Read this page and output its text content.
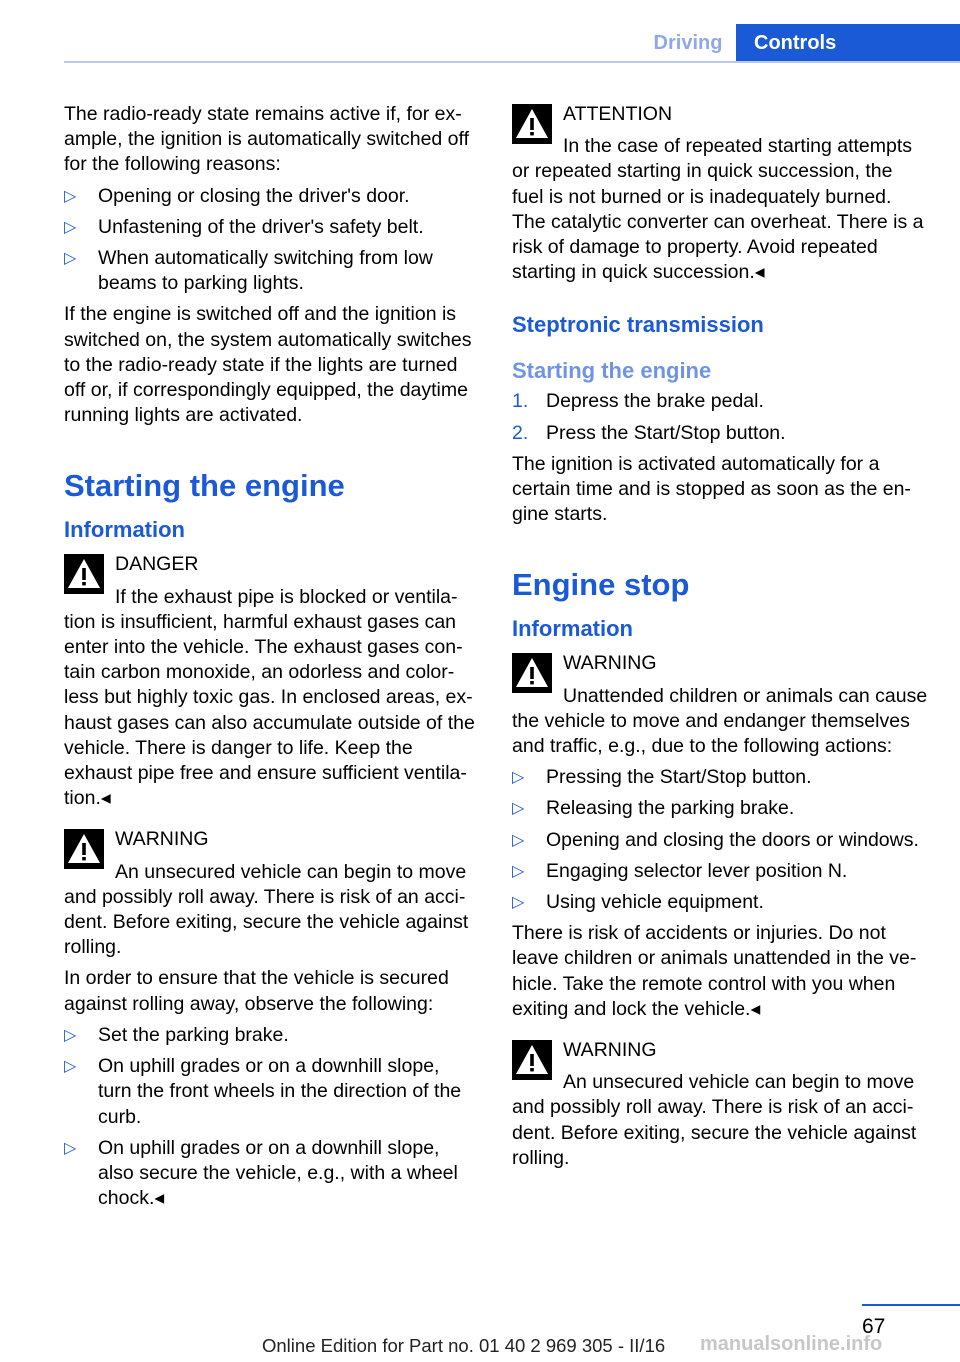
Driving	Controls

The radio-ready state remains active if, for example, the ignition is automatically switched off for the following reasons:

▷	Opening or closing the driver's door.
▷	Unfastening of the driver's safety belt.
▷	When automatically switching from low beams to parking lights.

If the engine is switched off and the ignition is switched on, the system automatically switches to the radio-ready state if the lights are turned off or, if correspondingly equipped, the daytime running lights are activated.

Starting the engine
Information
DANGER
If the exhaust pipe is blocked or ventilation is insufficient, harmful exhaust gases can enter into the vehicle. The exhaust gases contain carbon monoxide, an odorless and colorless but highly toxic gas. In enclosed areas, exhaust gases can also accumulate outside of the vehicle. There is danger to life. Keep the exhaust pipe free and ensure sufficient ventilation.◂
WARNING
An unsecured vehicle can begin to move and possibly roll away. There is risk of an accident. Before exiting, secure the vehicle against rolling.

In order to ensure that the vehicle is secured against rolling away, observe the following:

▷	Set the parking brake.
▷	On uphill grades or on a downhill slope, turn the front wheels in the direction of the curb.
▷	On uphill grades or on a downhill slope, also secure the vehicle, e.g., with a wheel chock.◂
ATTENTION
In the case of repeated starting attempts or repeated starting in quick succession, the fuel is not burned or is inadequately burned. The catalytic converter can overheat. There is a risk of damage to property. Avoid repeated starting in quick succession.◂
Steptronic transmission
Starting the engine
1. Depress the brake pedal.
2. Press the Start/Stop button.

The ignition is activated automatically for a certain time and is stopped as soon as the engine starts.

Engine stop
Information
WARNING
Unattended children or animals can cause the vehicle to move and endanger themselves and traffic, e.g., due to the following actions:
▷	Pressing the Start/Stop button.
▷	Releasing the parking brake.
▷	Opening and closing the doors or windows.
▷	Engaging selector lever position N.
▷	Using vehicle equipment.

There is risk of accidents or injuries. Do not leave children or animals unattended in the vehicle. Take the remote control with you when exiting and lock the vehicle.◂

WARNING
An unsecured vehicle can begin to move and possibly roll away. There is risk of an accident. Before exiting, secure the vehicle against rolling.
67
Online Edition for Part no. 01 40 2 969 305 - II/16 manualsonline.info
